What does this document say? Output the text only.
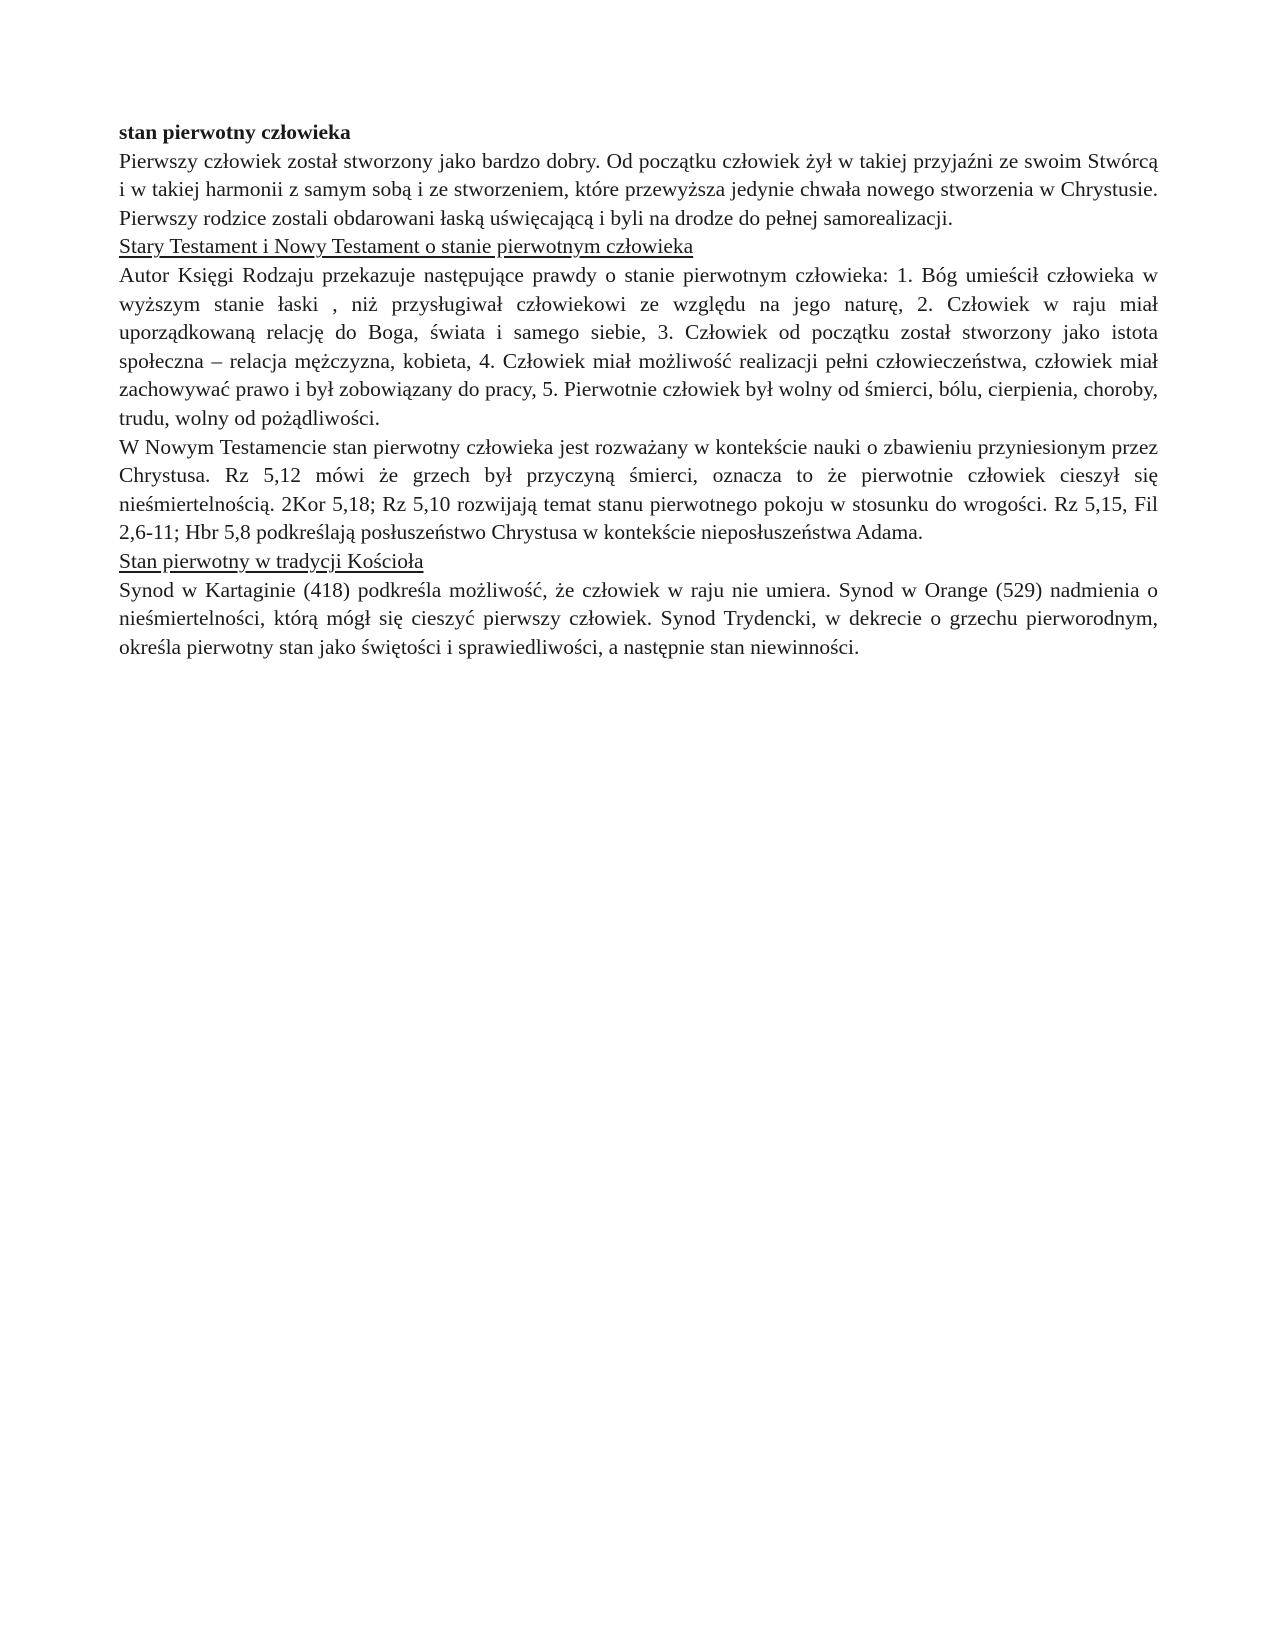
stan pierwotny człowieka

Pierwszy człowiek został stworzony jako bardzo dobry. Od początku człowiek żył w takiej przyjaźni ze swoim Stwórcą i w takiej harmonii z samym sobą i ze stworzeniem, które przewyższa jedynie chwała nowego stworzenia w Chrystusie. Pierwszy rodzice zostali obdarowani łaską uświęcającą i byli na drodze do pełnej samorealizacji.

Stary Testament i Nowy Testament o stanie pierwotnym człowieka

Autor Księgi Rodzaju przekazuje następujące prawdy o stanie pierwotnym człowieka: 1. Bóg umieścił człowieka w wyższym stanie łaski , niż przysługiwał człowiekowi ze względu na jego naturę, 2. Człowiek w raju miał uporządkowaną relację do Boga, świata i samego siebie, 3. Człowiek od początku został stworzony jako istota społeczna – relacja mężczyzna, kobieta, 4. Człowiek miał możliwość realizacji pełni człowieczeństwa, człowiek miał zachowywać prawo i był zobowiązany do pracy, 5. Pierwotnie człowiek był wolny od śmierci, bólu, cierpienia, choroby, trudu, wolny od pożądliwości.

W Nowym Testamencie stan pierwotny człowieka jest rozważany w kontekście nauki o zbawieniu przyniesionym przez Chrystusa. Rz 5,12 mówi że grzech był przyczyną śmierci, oznacza to że pierwotnie człowiek cieszył się nieśmiertelnością. 2Kor 5,18; Rz 5,10 rozwijają temat stanu pierwotnego pokoju w stosunku do wrogości. Rz 5,15, Fil 2,6-11; Hbr 5,8 podkreślają posłuszeństwo Chrystusa w kontekście nieposłuszeństwa Adama.

Stan pierwotny w tradycji Kościoła

Synod w Kartaginie (418) podkreśla możliwość, że człowiek w raju nie umiera. Synod w Orange (529) nadmienia o nieśmiertelności, którą mógł się cieszyć pierwszy człowiek. Synod Trydencki, w dekrecie o grzechu pierworodnym, określa pierwotny stan jako świętości i sprawiedliwości, a następnie stan niewinności.
